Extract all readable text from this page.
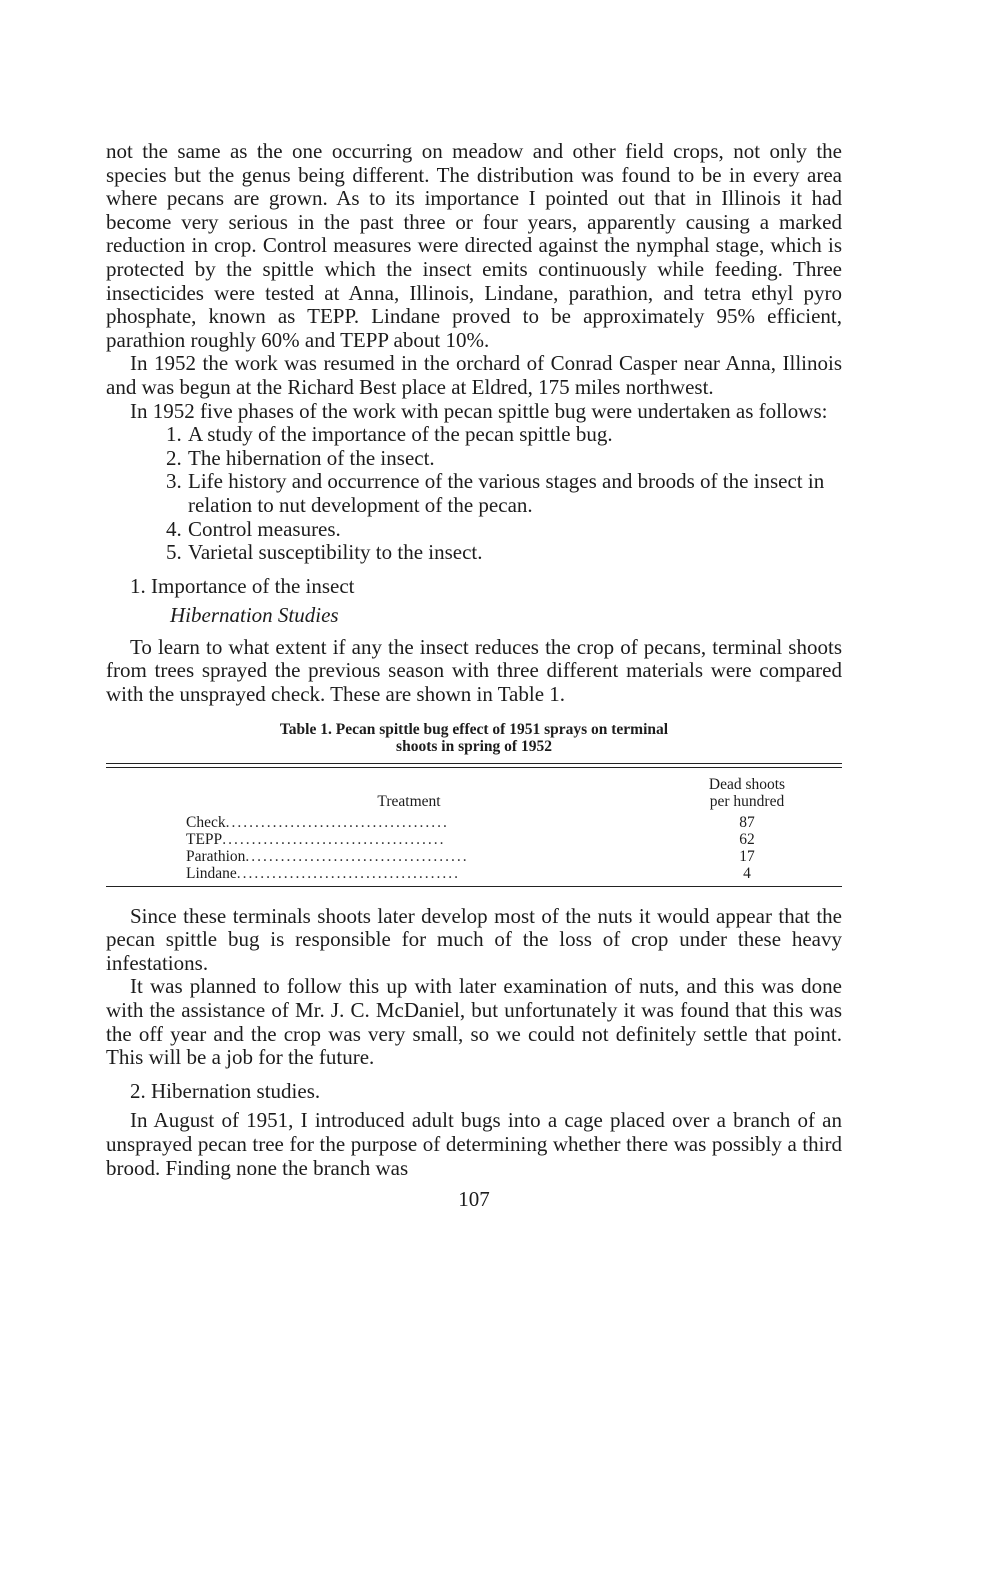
not the same as the one occurring on meadow and other field crops, not only the species but the genus being different. The distribution was found to be in every area where pecans are grown. As to its importance I pointed out that in Illinois it had become very serious in the past three or four years, apparently causing a marked reduction in crop. Control measures were directed against the nymphal stage, which is protected by the spittle which the insect emits continuously while feeding. Three insecticides were tested at Anna, Illinois, Lindane, parathion, and tetra ethyl pyro phosphate, known as TEPP. Lindane proved to be approximately 95% efficient, parathion roughly 60% and TEPP about 10%.

In 1952 the work was resumed in the orchard of Conrad Casper near Anna, Illinois and was begun at the Richard Best place at Eldred, 175 miles northwest.

In 1952 five phases of the work with pecan spittle bug were undertaken as follows:

1. A study of the importance of the pecan spittle bug.
2. The hibernation of the insect.
3. Life history and occurrence of the various stages and broods of the insect in relation to nut development of the pecan.
4. Control measures.
5. Varietal susceptibility to the insect.
1. Importance of the insect
Hibernation Studies

To learn to what extent if any the insect reduces the crop of pecans, terminal shoots from trees sprayed the previous season with three different materials were compared with the unsprayed check. These are shown in Table 1.

Table 1. Pecan spittle bug effect of 1951 sprays on terminal
shoots in spring of 1952
Treatment	Dead shoots
per hundred
Check......................................	87
TEPP......................................	62
Parathion......................................	17
Lindane......................................	4

Since these terminals shoots later develop most of the nuts it would appear that the pecan spittle bug is responsible for much of the loss of crop under these heavy infestations.

It was planned to follow this up with later examination of nuts, and this was done with the assistance of Mr. J. C. McDaniel, but unfortunately it was found that this was the off year and the crop was very small, so we could not definitely settle that point. This will be a job for the future.

2. Hibernation studies.

In August of 1951, I introduced adult bugs into a cage placed over a branch of an unsprayed pecan tree for the purpose of determining whether there was possibly a third brood. Finding none the branch was

107
